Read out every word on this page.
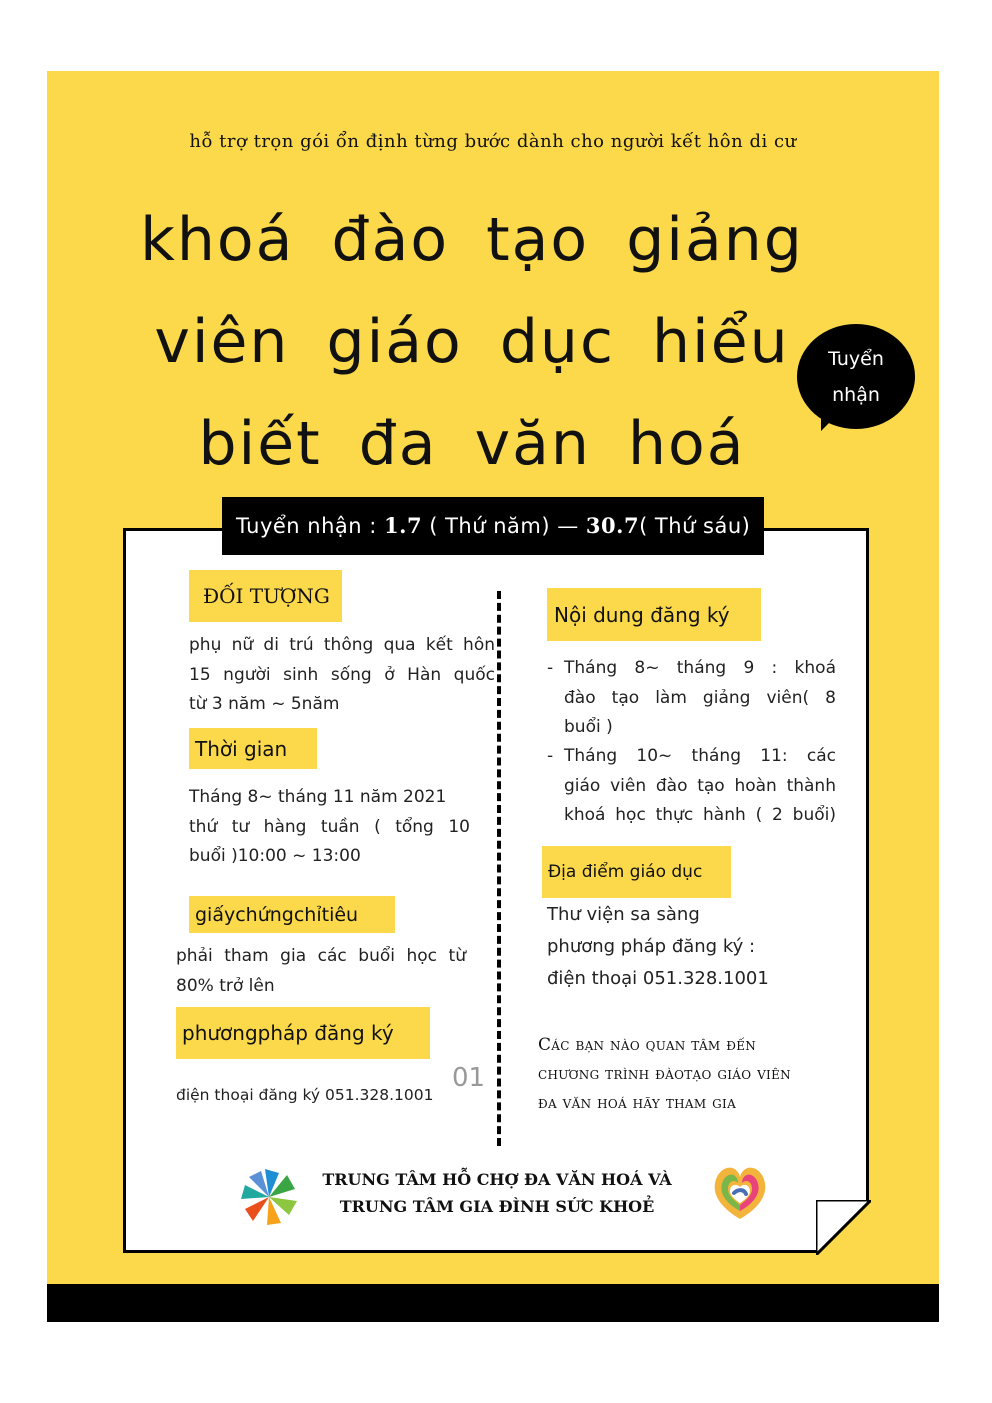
hỗ trợ trọn gói ổn định từng bước dành cho người kết hôn di cư
khoá đào tạo giảng
viên giáo dục hiểu
biết đa văn hoá
Tuyển
nhận
Tuyển nhận : 1.7 ( Thứ năm) — 30.7( Thứ sáu)
ĐỐI TƯỢNG
phụ nữ di trú thông qua kết hôn
15 người sinh sống ở Hàn quốc
từ 3 năm ~ 5năm
Thời gian
Tháng 8~ tháng 11 năm 2021
thứ tư hàng tuần ( tổng 10
buổi )10:00 ~ 13:00
giấychứngchỉtiêu
phải tham gia các buổi học từ
80% trở lên
phươngpháp đăng ký
01
điện thoại đăng ký 051.328.1001
Nội dung đăng ký
- Tháng 8~ tháng 9 : khoá
đào tạo làm giảng viên( 8
buổi )
- Tháng 10~ tháng 11: các
giáo viên đào tạo hoàn thành
khoá học thực hành ( 2 buổi)
Địa điểm giáo dục
Thư viện sa sàng
phương pháp đăng ký :
điện thoại 051.328.1001
Các bạn nào quan tâm đến
chương trình đàotạo giáo viên
đa văn hoá hãy tham gia
TRUNG TÂM HỖ CHỢ ĐA VĂN HOÁ VÀ
TRUNG TÂM GIA ĐÌNH SỨC KHOẺ
